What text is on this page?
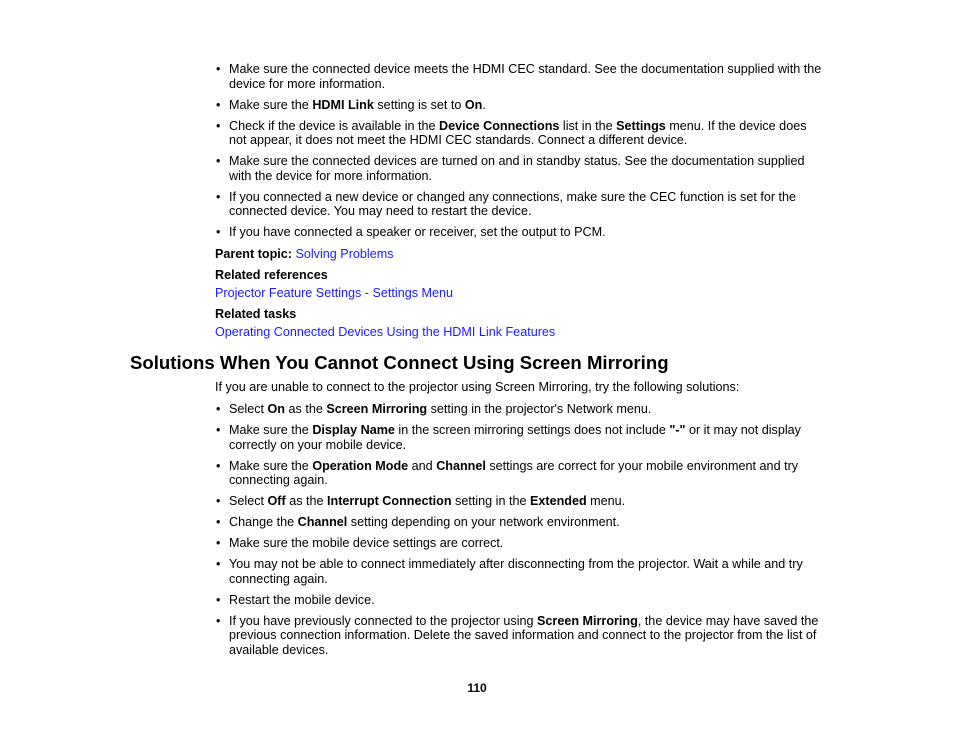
• Make sure the connected device meets the HDMI CEC standard. See the documentation supplied with the device for more information.
• Make sure the HDMI Link setting is set to On.
• Check if the device is available in the Device Connections list in the Settings menu. If the device does not appear, it does not meet the HDMI CEC standards. Connect a different device.
• Make sure the connected devices are turned on and in standby status. See the documentation supplied with the device for more information.
• If you connected a new device or changed any connections, make sure the CEC function is set for the connected device. You may need to restart the device.
• If you have connected a speaker or receiver, set the output to PCM.

Parent topic: Solving Problems

Related references

Projector Feature Settings - Settings Menu

Related tasks

Operating Connected Devices Using the HDMI Link Features

Solutions When You Cannot Connect Using Screen Mirroring

If you are unable to connect to the projector using Screen Mirroring, try the following solutions:

• Select On as the Screen Mirroring setting in the projector's Network menu.
• Make sure the Display Name in the screen mirroring settings does not include "-" or it may not display correctly on your mobile device.
• Make sure the Operation Mode and Channel settings are correct for your mobile environment and try connecting again.
• Select Off as the Interrupt Connection setting in the Extended menu.
• Change the Channel setting depending on your network environment.
• Make sure the mobile device settings are correct.
• You may not be able to connect immediately after disconnecting from the projector. Wait a while and try connecting again.
• Restart the mobile device.
• If you have previously connected to the projector using Screen Mirroring, the device may have saved the previous connection information. Delete the saved information and connect to the projector from the list of available devices.
110
